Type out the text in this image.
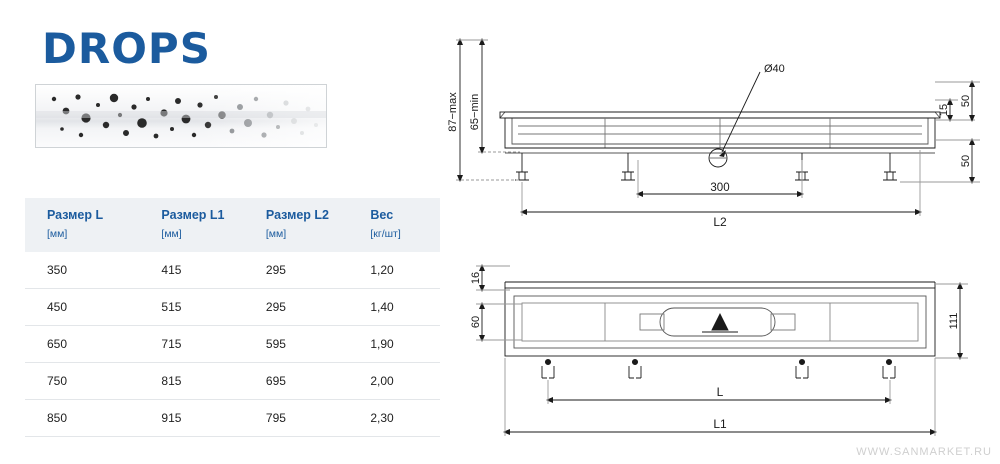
DROPS
Размер L	Размер L1	Размер L2	Вес
[мм]	[мм]	[мм]	[кг/шт]
350	415	295	1,20
450	515	295	1,40
650	715	595	1,90
750	815	695	2,00
850	915	795	2,30
87−max 65−min	15
50
50
Ø40
300
L2
16
60	111
L
L1
WWW.SANMARKET.RU
